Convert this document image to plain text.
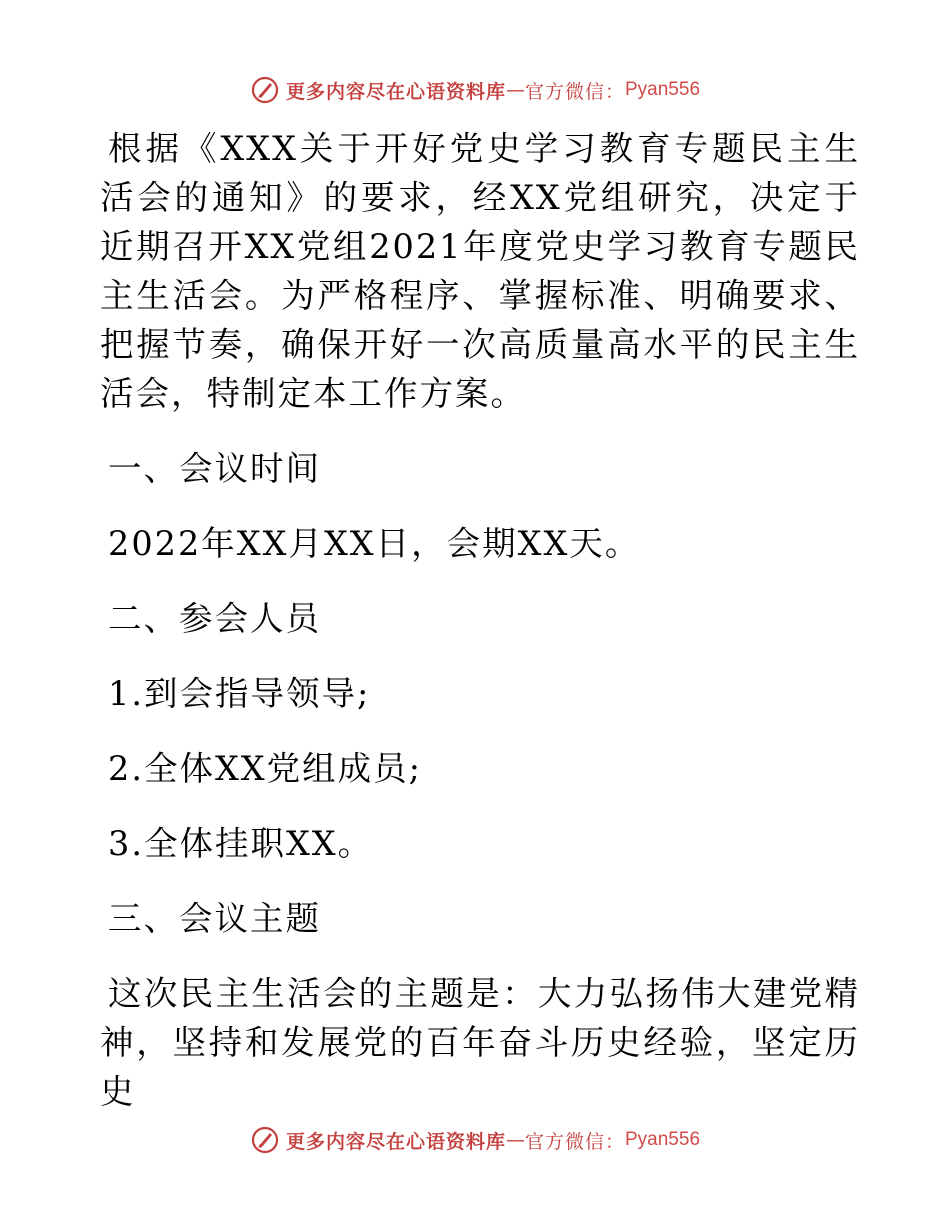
更多内容尽在心语资料库 — 官方微信： Pyan556

根据《XXX关于开好党史学习教育专题民主生活会的通知》的要求，经XX党组研究，决定于近期召开XX党组2021年度党史学习教育专题民主生活会。为严格程序、掌握标准、明确要求、把握节奏，确保开好一次高质量高水平的民主生活会，特制定本工作方案。

一、会议时间

2022年XX月XX日，会期XX天。

二、参会人员

1.到会指导领导;

2.全体XX党组成员;

3.全体挂职XX。

三、会议主题

这次民主生活会的主题是：大力弘扬伟大建党精神，坚持和发展党的百年奋斗历史经验，坚定历史

更多内容尽在心语资料库 — 官方微信： Pyan556
